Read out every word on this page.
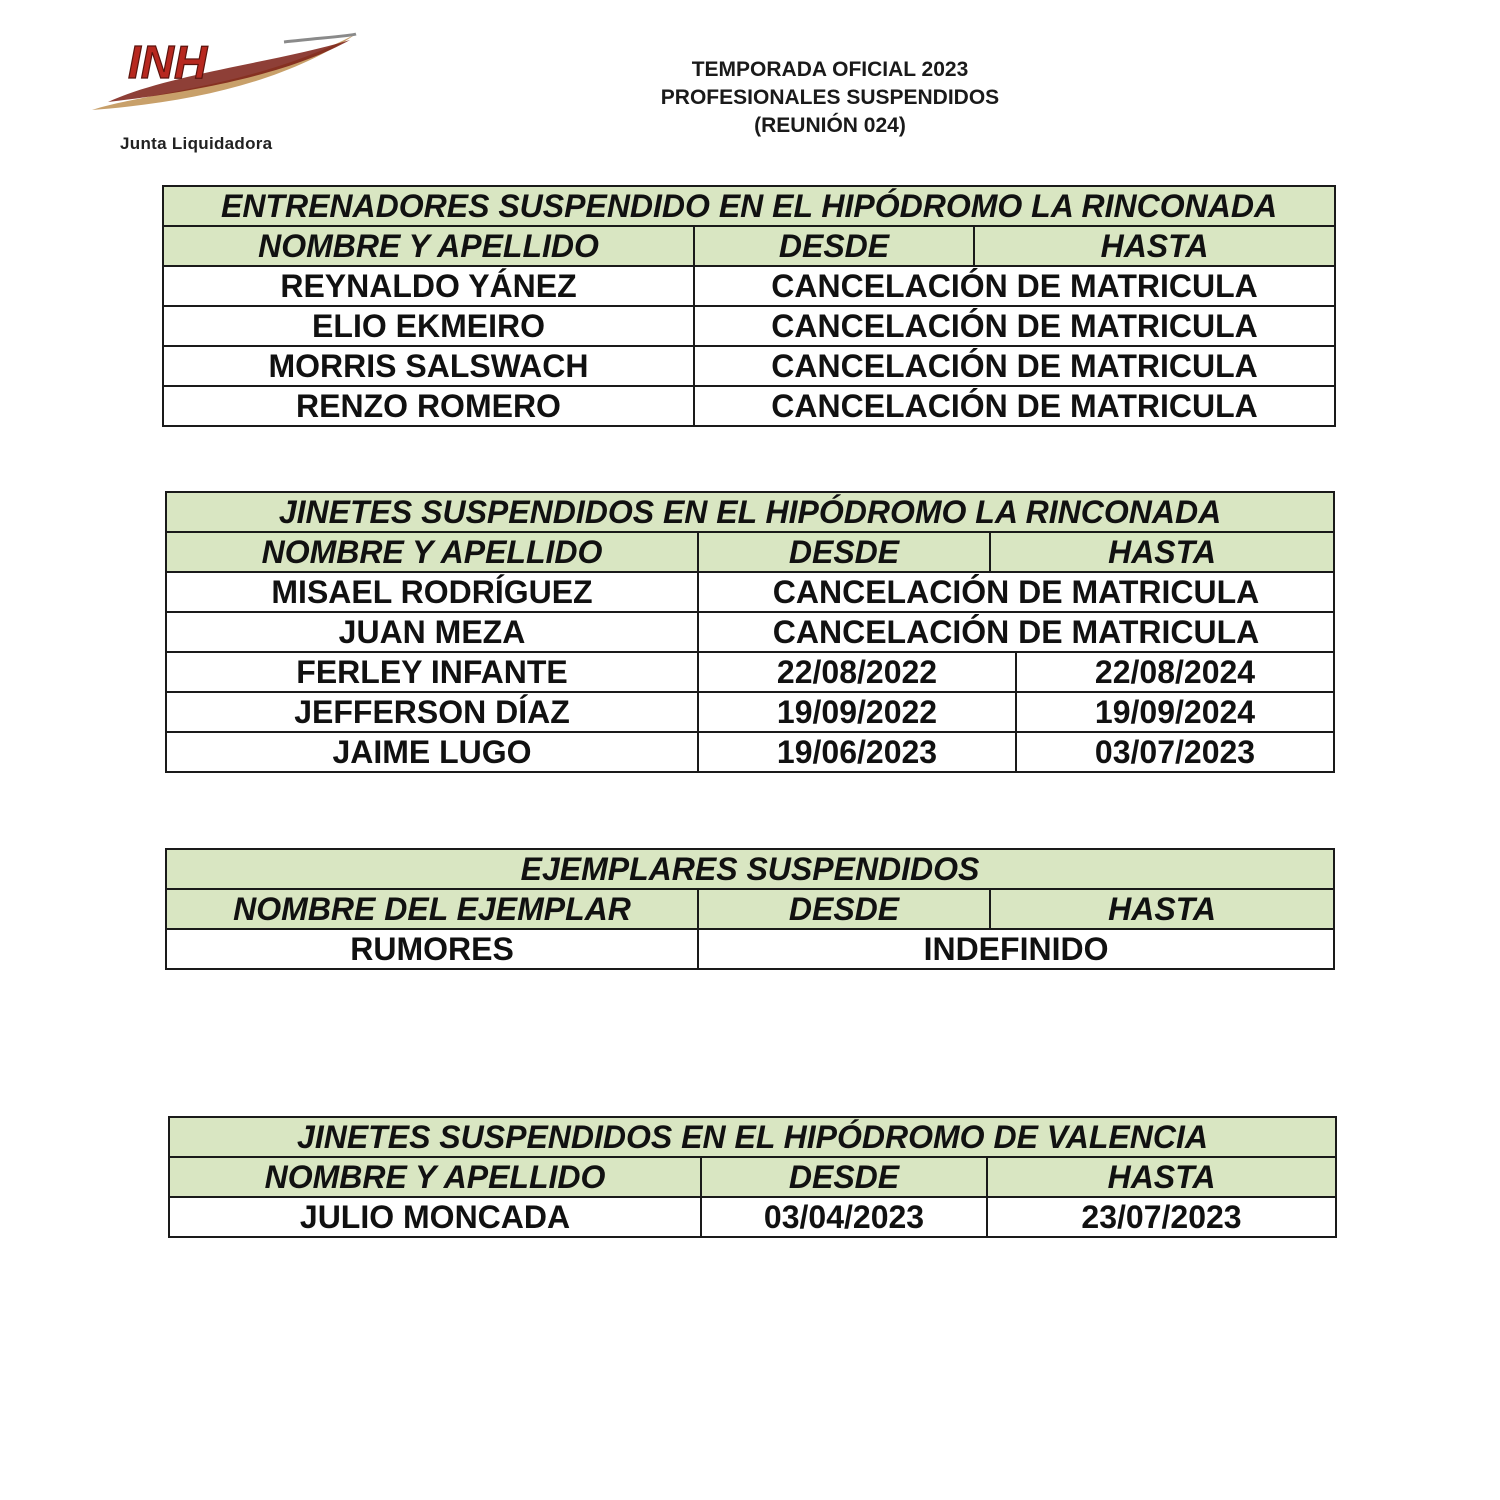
INH
Junta Liquidadora
TEMPORADA OFICIAL 2023
PROFESIONALES SUSPENDIDOS
(REUNIÓN 024)
ENTRENADORES SUSPENDIDO EN EL HIPÓDROMO LA RINCONADA		
NOMBRE Y APELLIDO	DESDE	HASTA
REYNALDO YÁNEZ	CANCELACIÓN DE MATRICULA	
ELIO EKMEIRO	CANCELACIÓN DE MATRICULA	
MORRIS SALSWACH	CANCELACIÓN DE MATRICULA	
RENZO ROMERO	CANCELACIÓN DE MATRICULA	
JINETES SUSPENDIDOS EN EL HIPÓDROMO LA RINCONADA			
NOMBRE Y APELLIDO	DESDE	HASTA	
MISAEL RODRÍGUEZ	CANCELACIÓN DE MATRICULA		
JUAN MEZA	CANCELACIÓN DE MATRICULA		
FERLEY INFANTE	22/08/2022		22/08/2024
JEFFERSON DÍAZ	19/09/2022		19/09/2024
JAIME LUGO	19/06/2023		03/07/2023
EJEMPLARES SUSPENDIDOS		
NOMBRE DEL EJEMPLAR	DESDE	HASTA
RUMORES	INDEFINIDO	
JINETES SUSPENDIDOS EN EL HIPÓDROMO DE VALENCIA		
NOMBRE Y APELLIDO	DESDE	HASTA
JULIO MONCADA	03/04/2023	23/07/2023
